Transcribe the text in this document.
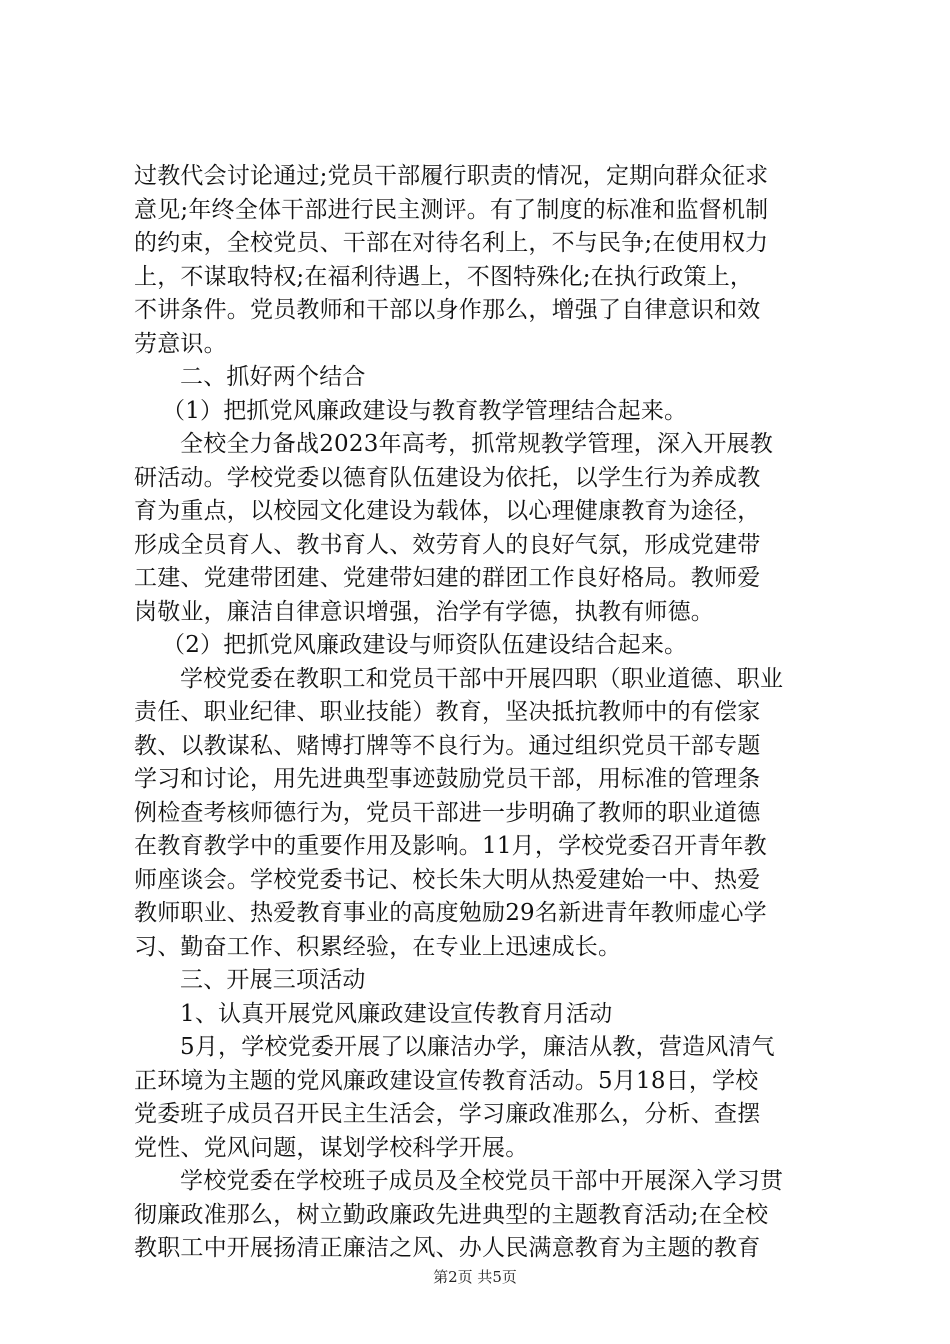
过教代会讨论通过;党员干部履行职责的情况，定期向群众征求
意见;年终全体干部进行民主测评。有了制度的标准和监督机制
的约束，全校党员、干部在对待名利上，不与民争;在使用权力
上，不谋取特权;在福利待遇上，不图特殊化;在执行政策上，
不讲条件。党员教师和干部以身作那么，增强了自律意识和效
劳意识。
二、抓好两个结合
（1）把抓党风廉政建设与教育教学管理结合起来。
全校全力备战2023年高考，抓常规教学管理，深入开展教
研活动。学校党委以德育队伍建设为依托，以学生行为养成教
育为重点，以校园文化建设为载体，以心理健康教育为途径，
形成全员育人、教书育人、效劳育人的良好气氛，形成党建带
工建、党建带团建、党建带妇建的群团工作良好格局。教师爱
岗敬业，廉洁自律意识增强，治学有学德，执教有师德。
（2）把抓党风廉政建设与师资队伍建设结合起来。
学校党委在教职工和党员干部中开展四职（职业道德、职业
责任、职业纪律、职业技能）教育，坚决抵抗教师中的有偿家
教、以教谋私、赌博打牌等不良行为。通过组织党员干部专题
学习和讨论，用先进典型事迹鼓励党员干部，用标准的管理条
例检查考核师德行为，党员干部进一步明确了教师的职业道德
在教育教学中的重要作用及影响。11月，学校党委召开青年教
师座谈会。学校党委书记、校长朱大明从热爱建始一中、热爱
教师职业、热爱教育事业的高度勉励29名新进青年教师虚心学
习、勤奋工作、积累经验，在专业上迅速成长。
三、开展三项活动
1、认真开展党风廉政建设宣传教育月活动
5月，学校党委开展了以廉洁办学，廉洁从教，营造风清气
正环境为主题的党风廉政建设宣传教育活动。5月18日，学校
党委班子成员召开民主生活会，学习廉政准那么，分析、查摆
党性、党风问题，谋划学校科学开展。
学校党委在学校班子成员及全校党员干部中开展深入学习贯
彻廉政准那么，树立勤政廉政先进典型的主题教育活动;在全校
教职工中开展扬清正廉洁之风、办人民满意教育为主题的教育
第2页 共5页
